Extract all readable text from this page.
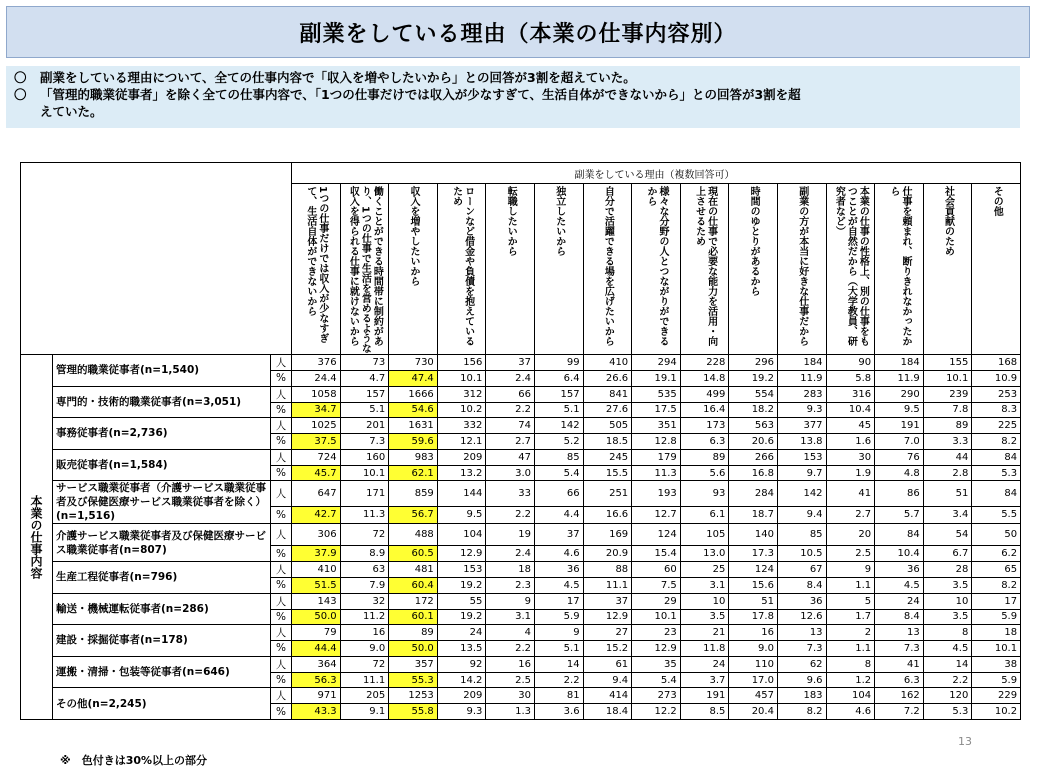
副業をしている理由（本業の仕事内容別）
〇	副業をしている理由について、全ての仕事内容で「収入を増やしたいから」との回答が3割を超えていた。
〇	「管理的職業従事者」を除く全ての仕事内容で、「1つの仕事だけでは収入が少なすぎて、生活自体ができないから」との回答が3割を超
えていた。
			副業をしている理由（複数回答可）														

			1つの仕事だけでは収入が少なすぎて、生活自体ができないから	働くことができる時間帯に制約があり、1つの仕事で生活を営めるような収入を得られる仕事に就けないから	収入を増やしたいから	ローンなど借金や負債を抱えているため	転職したいから	独立したいから	自分で活躍できる場を広げたいから	様々な分野の人とつながりができるから	現在の仕事で必要な能力を活用・向上させるため	時間のゆとりがあるから	副業の方が本当に好きな仕事だから	本業の仕事の性格上、別の仕事をもつことが自然だから（大学教員、研究者など）	仕事を頼まれ、断りきれなかったから	社会貢献のため	その他

本業の仕事内容	管理的職業従事者(n=1,540)	人	376	73	730	156	37	99	410	294	228	296	184	90	184	155	168
		%	24.4	4.7	47.4	10.1	2.4	6.4	26.6	19.1	14.8	19.2	11.9	5.8	11.9	10.1	10.9
	専門的・技術的職業従事者(n=3,051)	人	1058	157	1666	312	66	157	841	535	499	554	283	316	290	239	253
		%	34.7	5.1	54.6	10.2	2.2	5.1	27.6	17.5	16.4	18.2	9.3	10.4	9.5	7.8	8.3
	事務従事者(n=2,736)	人	1025	201	1631	332	74	142	505	351	173	563	377	45	191	89	225
		%	37.5	7.3	59.6	12.1	2.7	5.2	18.5	12.8	6.3	20.6	13.8	1.6	7.0	3.3	8.2
	販売従事者(n=1,584)	人	724	160	983	209	47	85	245	179	89	266	153	30	76	44	84
		%	45.7	10.1	62.1	13.2	3.0	5.4	15.5	11.3	5.6	16.8	9.7	1.9	4.8	2.8	5.3
	サービス職業従事者（介護サービス職業従事者及び保健医療サービス職業従事者を除く）(n=1,516)	人	647	171	859	144	33	66	251	193	93	284	142	41	86	51	84
		%	42.7	11.3	56.7	9.5	2.2	4.4	16.6	12.7	6.1	18.7	9.4	2.7	5.7	3.4	5.5
	介護サービス職業従事者及び保健医療サービス職業従事者(n=807)	人	306	72	488	104	19	37	169	124	105	140	85	20	84	54	50
		%	37.9	8.9	60.5	12.9	2.4	4.6	20.9	15.4	13.0	17.3	10.5	2.5	10.4	6.7	6.2
	生産工程従事者(n=796)	人	410	63	481	153	18	36	88	60	25	124	67	9	36	28	65
		%	51.5	7.9	60.4	19.2	2.3	4.5	11.1	7.5	3.1	15.6	8.4	1.1	4.5	3.5	8.2
	輸送・機械運転従事者(n=286)	人	143	32	172	55	9	17	37	29	10	51	36	5	24	10	17
		%	50.0	11.2	60.1	19.2	3.1	5.9	12.9	10.1	3.5	17.8	12.6	1.7	8.4	3.5	5.9
	建設・採掘従事者(n=178)	人	79	16	89	24	4	9	27	23	21	16	13	2	13	8	18
		%	44.4	9.0	50.0	13.5	2.2	5.1	15.2	12.9	11.8	9.0	7.3	1.1	7.3	4.5	10.1
	運搬・清掃・包装等従事者(n=646)	人	364	72	357	92	16	14	61	35	24	110	62	8	41	14	38
		%	56.3	11.1	55.3	14.2	2.5	2.2	9.4	5.4	3.7	17.0	9.6	1.2	6.3	2.2	5.9
	その他(n=2,245)	人	971	205	1253	209	30	81	414	273	191	457	183	104	162	120	229
		%	43.3	9.1	55.8	9.3	1.3	3.6	18.4	12.2	8.5	20.4	8.2	4.6	7.2	5.3	10.2
13
※　色付きは30%以上の部分
